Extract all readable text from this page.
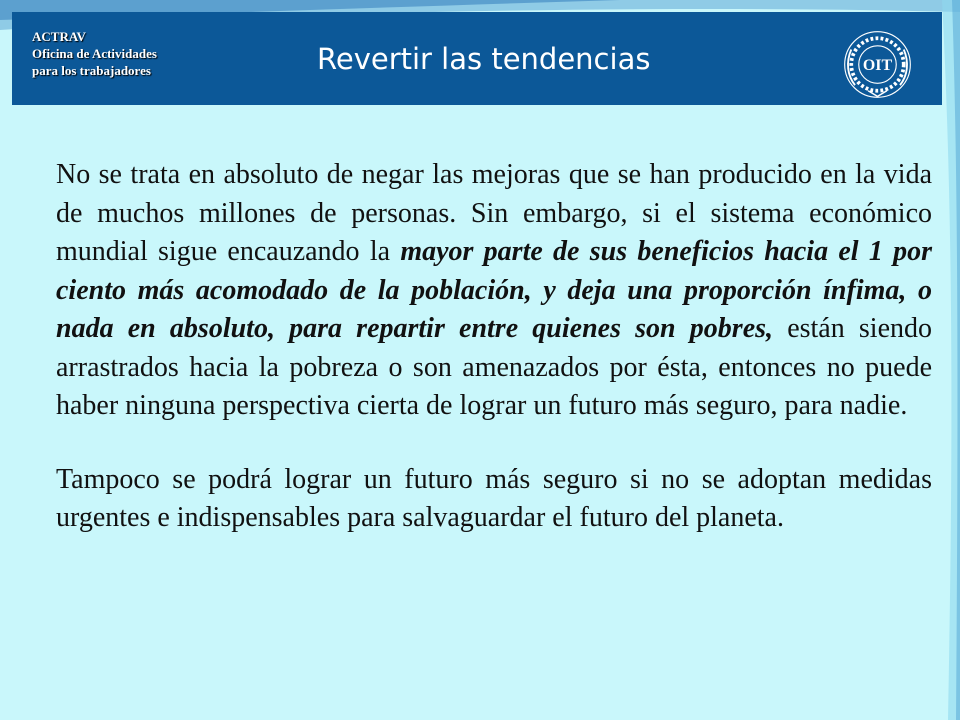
ACTRAV
Oficina de Actividades
para los trabajadores	Revertir las tendencias	OIT

No se trata en absoluto de negar las mejoras que se han producido en la vida de muchos millones de personas. Sin embargo, si el sistema económico mundial sigue encauzando la mayor parte de sus beneficios hacia el 1 por ciento más acomodado de la población, y deja una proporción ínfima, o nada en absoluto, para repartir entre quienes son pobres, están siendo arrastrados hacia la pobreza o son amenazados por ésta, entonces no puede haber ninguna perspectiva cierta de lograr un futuro más seguro, para nadie.

Tampoco se podrá lograr un futuro más seguro si no se adoptan medidas urgentes e indispensables para salvaguardar el futuro del planeta.
